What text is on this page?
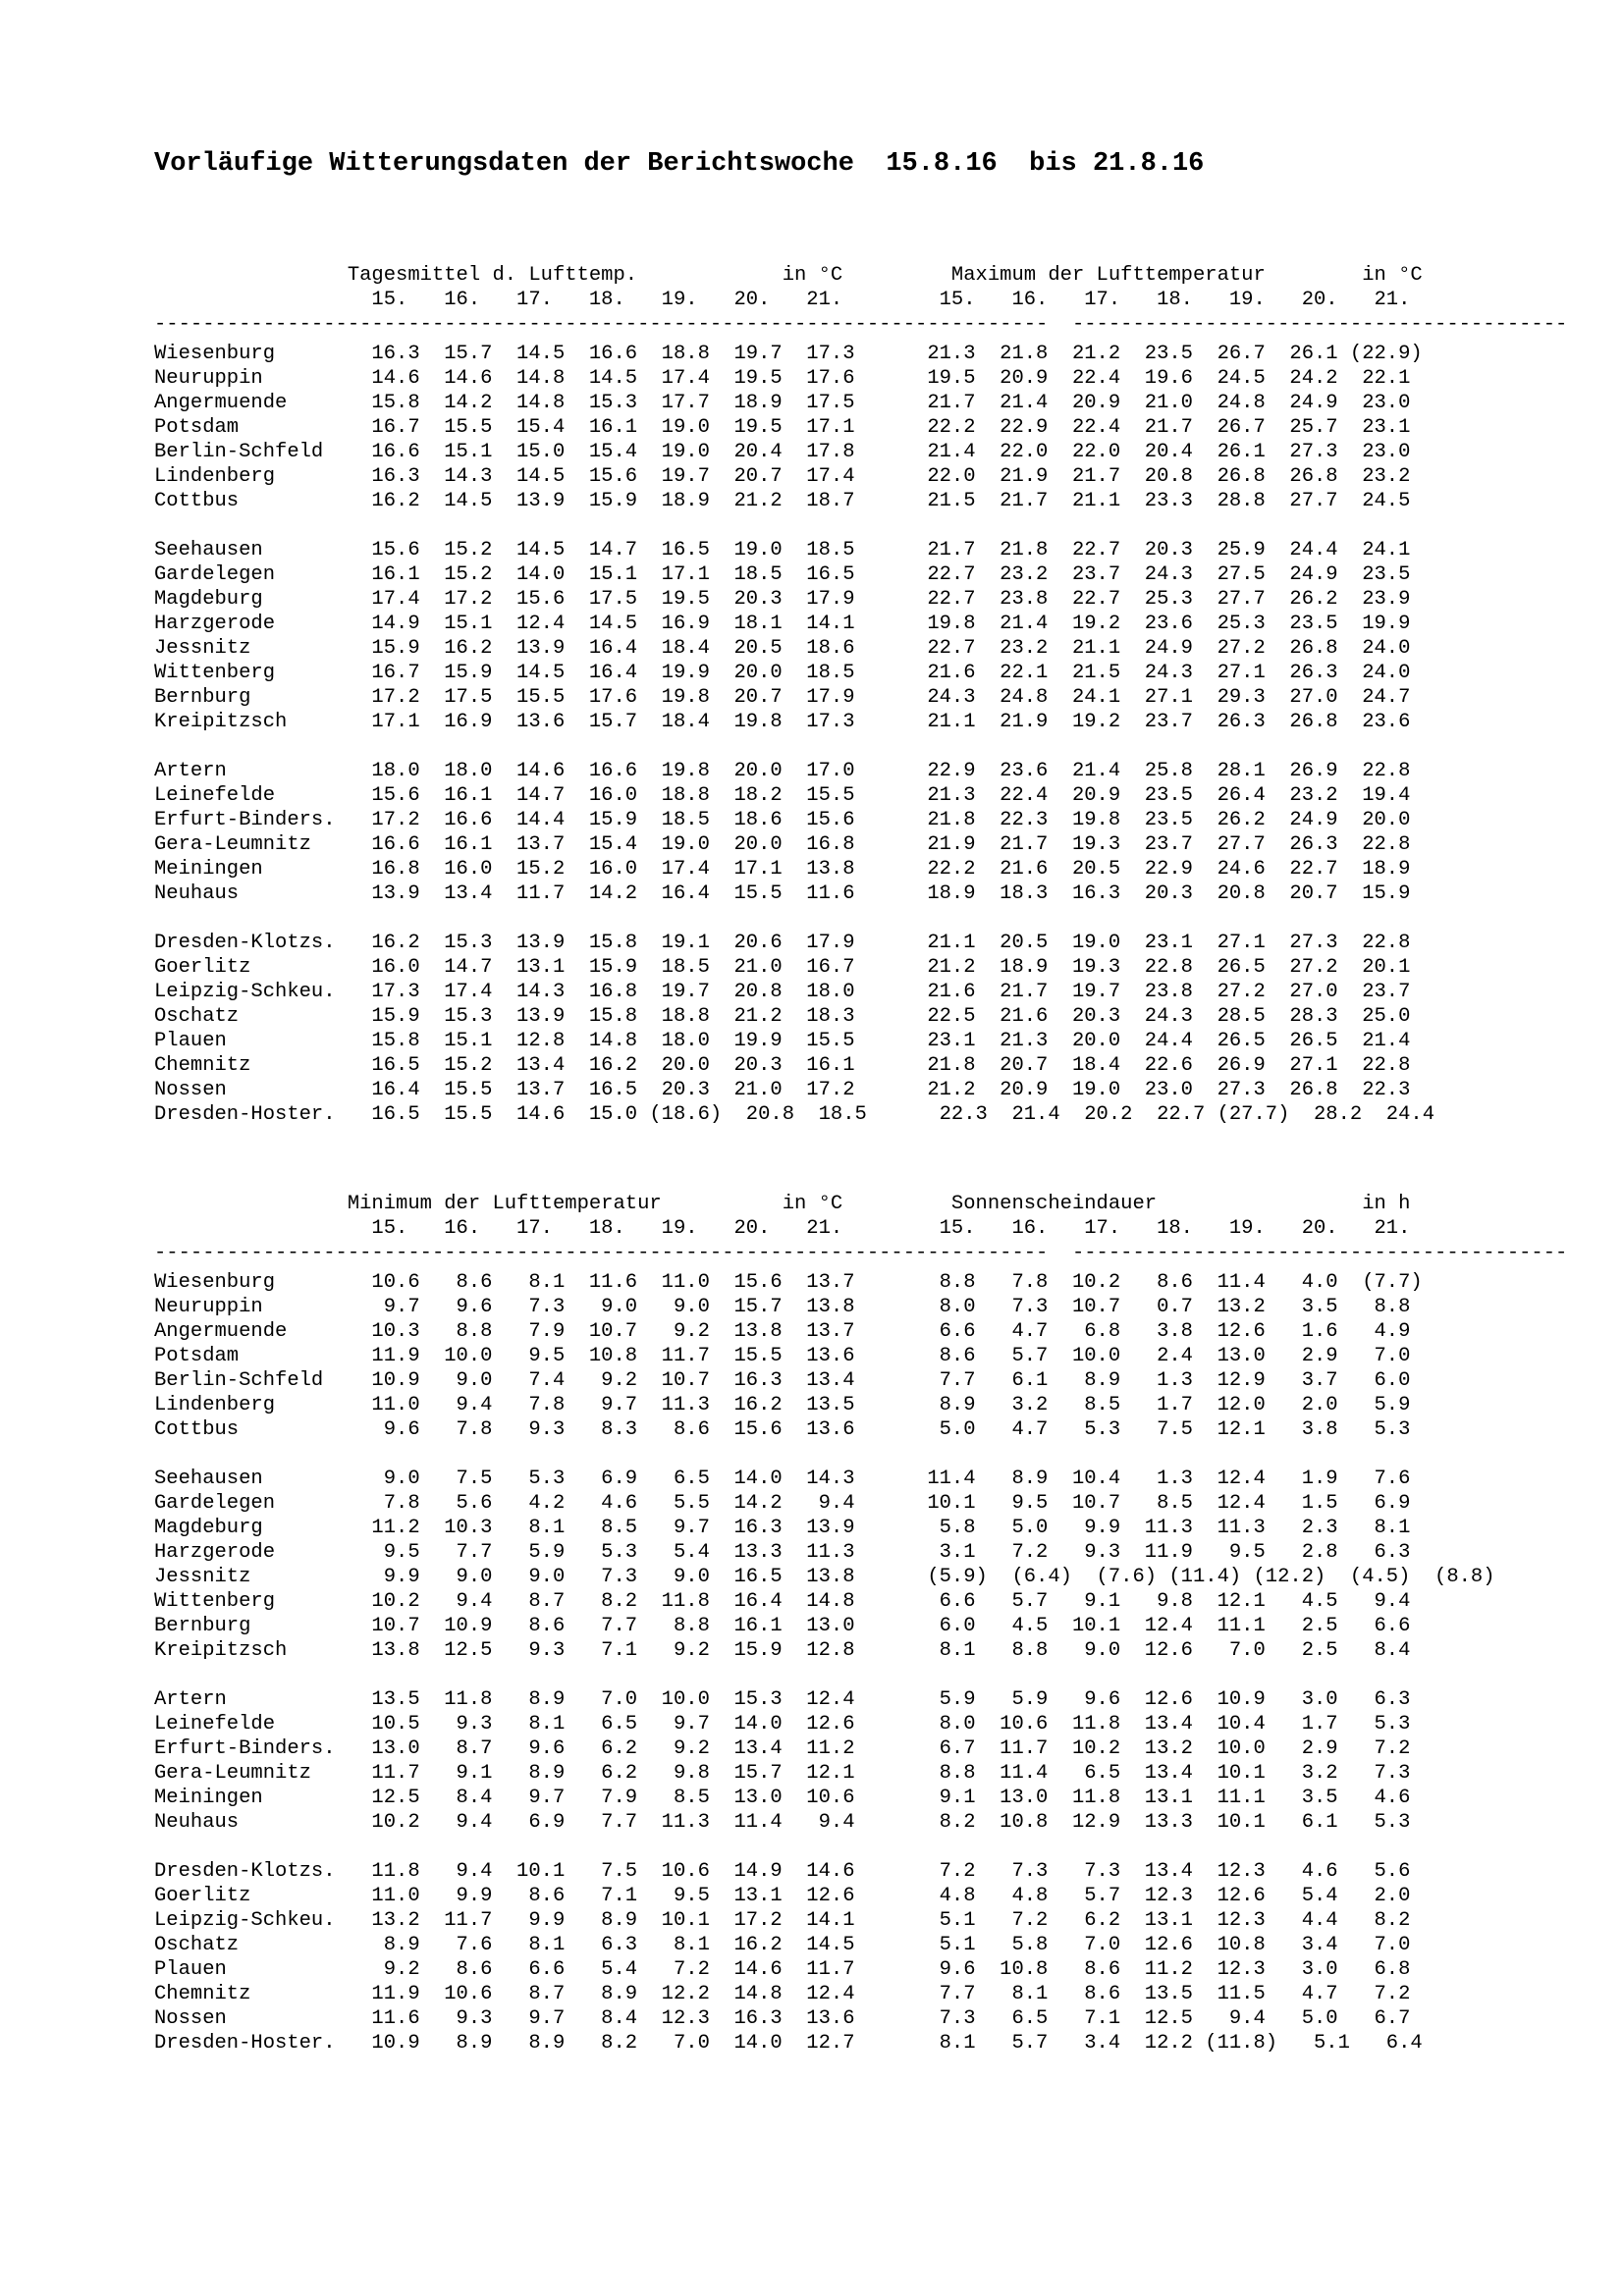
Vorläufige Witterungsdaten der Berichtswoche  15.8.16  bis 21.8.16
Tagesmittel d. Lufttemp.            in °C         Maximum der Lufttemperatur        in °C
15.   16.   17.   18.   19.   20.   21.        15.   16.   17.   18.   19.   20.   21.
--------------------------------------------------------------------------  -----------------------------------------
Wiesenburg        16.3  15.7  14.5  16.6  18.8  19.7  17.3      21.3  21.8  21.2  23.5  26.7  26.1 (22.9)
Neuruppin         14.6  14.6  14.8  14.5  17.4  19.5  17.6      19.5  20.9  22.4  19.6  24.5  24.2  22.1
Angermuende       15.8  14.2  14.8  15.3  17.7  18.9  17.5      21.7  21.4  20.9  21.0  24.8  24.9  23.0
Potsdam           16.7  15.5  15.4  16.1  19.0  19.5  17.1      22.2  22.9  22.4  21.7  26.7  25.7  23.1
Berlin-Schfeld    16.6  15.1  15.0  15.4  19.0  20.4  17.8      21.4  22.0  22.0  20.4  26.1  27.3  23.0
Lindenberg        16.3  14.3  14.5  15.6  19.7  20.7  17.4      22.0  21.9  21.7  20.8  26.8  26.8  23.2
Cottbus           16.2  14.5  13.9  15.9  18.9  21.2  18.7      21.5  21.7  21.1  23.3  28.8  27.7  24.5
Seehausen         15.6  15.2  14.5  14.7  16.5  19.0  18.5      21.7  21.8  22.7  20.3  25.9  24.4  24.1
Gardelegen        16.1  15.2  14.0  15.1  17.1  18.5  16.5      22.7  23.2  23.7  24.3  27.5  24.9  23.5
Magdeburg         17.4  17.2  15.6  17.5  19.5  20.3  17.9      22.7  23.8  22.7  25.3  27.7  26.2  23.9
Harzgerode        14.9  15.1  12.4  14.5  16.9  18.1  14.1      19.8  21.4  19.2  23.6  25.3  23.5  19.9
Jessnitz          15.9  16.2  13.9  16.4  18.4  20.5  18.6      22.7  23.2  21.1  24.9  27.2  26.8  24.0
Wittenberg        16.7  15.9  14.5  16.4  19.9  20.0  18.5      21.6  22.1  21.5  24.3  27.1  26.3  24.0
Bernburg          17.2  17.5  15.5  17.6  19.8  20.7  17.9      24.3  24.8  24.1  27.1  29.3  27.0  24.7
Kreipitzsch       17.1  16.9  13.6  15.7  18.4  19.8  17.3      21.1  21.9  19.2  23.7  26.3  26.8  23.6
Artern            18.0  18.0  14.6  16.6  19.8  20.0  17.0      22.9  23.6  21.4  25.8  28.1  26.9  22.8
Leinefelde        15.6  16.1  14.7  16.0  18.8  18.2  15.5      21.3  22.4  20.9  23.5  26.4  23.2  19.4
Erfurt-Binders.   17.2  16.6  14.4  15.9  18.5  18.6  15.6      21.8  22.3  19.8  23.5  26.2  24.9  20.0
Gera-Leumnitz     16.6  16.1  13.7  15.4  19.0  20.0  16.8      21.9  21.7  19.3  23.7  27.7  26.3  22.8
Meiningen         16.8  16.0  15.2  16.0  17.4  17.1  13.8      22.2  21.6  20.5  22.9  24.6  22.7  18.9
Neuhaus           13.9  13.4  11.7  14.2  16.4  15.5  11.6      18.9  18.3  16.3  20.3  20.8  20.7  15.9
Dresden-Klotzs.   16.2  15.3  13.9  15.8  19.1  20.6  17.9      21.1  20.5  19.0  23.1  27.1  27.3  22.8
Goerlitz          16.0  14.7  13.1  15.9  18.5  21.0  16.7      21.2  18.9  19.3  22.8  26.5  27.2  20.1
Leipzig-Schkeu.   17.3  17.4  14.3  16.8  19.7  20.8  18.0      21.6  21.7  19.7  23.8  27.2  27.0  23.7
Oschatz           15.9  15.3  13.9  15.8  18.8  21.2  18.3      22.5  21.6  20.3  24.3  28.5  28.3  25.0
Plauen            15.8  15.1  12.8  14.8  18.0  19.9  15.5      23.1  21.3  20.0  24.4  26.5  26.5  21.4
Chemnitz          16.5  15.2  13.4  16.2  20.0  20.3  16.1      21.8  20.7  18.4  22.6  26.9  27.1  22.8
Nossen            16.4  15.5  13.7  16.5  20.3  21.0  17.2      21.2  20.9  19.0  23.0  27.3  26.8  22.3
Dresden-Hoster.   16.5  15.5  14.6  15.0 (18.6)  20.8  18.5      22.3  21.4  20.2  22.7 (27.7)  28.2  24.4
Minimum der Lufttemperatur          in °C         Sonnenscheindauer                 in h
15.   16.   17.   18.   19.   20.   21.        15.   16.   17.   18.   19.   20.   21.
--------------------------------------------------------------------------  -----------------------------------------
Wiesenburg        10.6   8.6   8.1  11.6  11.0  15.6  13.7       8.8   7.8  10.2   8.6  11.4   4.0  (7.7)
Neuruppin          9.7   9.6   7.3   9.0   9.0  15.7  13.8       8.0   7.3  10.7   0.7  13.2   3.5   8.8
Angermuende       10.3   8.8   7.9  10.7   9.2  13.8  13.7       6.6   4.7   6.8   3.8  12.6   1.6   4.9
Potsdam           11.9  10.0   9.5  10.8  11.7  15.5  13.6       8.6   5.7  10.0   2.4  13.0   2.9   7.0
Berlin-Schfeld    10.9   9.0   7.4   9.2  10.7  16.3  13.4       7.7   6.1   8.9   1.3  12.9   3.7   6.0
Lindenberg        11.0   9.4   7.8   9.7  11.3  16.2  13.5       8.9   3.2   8.5   1.7  12.0   2.0   5.9
Cottbus            9.6   7.8   9.3   8.3   8.6  15.6  13.6       5.0   4.7   5.3   7.5  12.1   3.8   5.3
Seehausen          9.0   7.5   5.3   6.9   6.5  14.0  14.3      11.4   8.9  10.4   1.3  12.4   1.9   7.6
Gardelegen         7.8   5.6   4.2   4.6   5.5  14.2   9.4      10.1   9.5  10.7   8.5  12.4   1.5   6.9
Magdeburg         11.2  10.3   8.1   8.5   9.7  16.3  13.9       5.8   5.0   9.9  11.3  11.3   2.3   8.1
Harzgerode         9.5   7.7   5.9   5.3   5.4  13.3  11.3       3.1   7.2   9.3  11.9   9.5   2.8   6.3
Jessnitz           9.9   9.0   9.0   7.3   9.0  16.5  13.8      (5.9)  (6.4)  (7.6) (11.4) (12.2)  (4.5)  (8.8)
Wittenberg        10.2   9.4   8.7   8.2  11.8  16.4  14.8       6.6   5.7   9.1   9.8  12.1   4.5   9.4
Bernburg          10.7  10.9   8.6   7.7   8.8  16.1  13.0       6.0   4.5  10.1  12.4  11.1   2.5   6.6
Kreipitzsch       13.8  12.5   9.3   7.1   9.2  15.9  12.8       8.1   8.8   9.0  12.6   7.0   2.5   8.4
Artern            13.5  11.8   8.9   7.0  10.0  15.3  12.4       5.9   5.9   9.6  12.6  10.9   3.0   6.3
Leinefelde        10.5   9.3   8.1   6.5   9.7  14.0  12.6       8.0  10.6  11.8  13.4  10.4   1.7   5.3
Erfurt-Binders.   13.0   8.7   9.6   6.2   9.2  13.4  11.2       6.7  11.7  10.2  13.2  10.0   2.9   7.2
Gera-Leumnitz     11.7   9.1   8.9   6.2   9.8  15.7  12.1       8.8  11.4   6.5  13.4  10.1   3.2   7.3
Meiningen         12.5   8.4   9.7   7.9   8.5  13.0  10.6       9.1  13.0  11.8  13.1  11.1   3.5   4.6
Neuhaus           10.2   9.4   6.9   7.7  11.3  11.4   9.4       8.2  10.8  12.9  13.3  10.1   6.1   5.3
Dresden-Klotzs.   11.8   9.4  10.1   7.5  10.6  14.9  14.6       7.2   7.3   7.3  13.4  12.3   4.6   5.6
Goerlitz          11.0   9.9   8.6   7.1   9.5  13.1  12.6       4.8   4.8   5.7  12.3  12.6   5.4   2.0
Leipzig-Schkeu.   13.2  11.7   9.9   8.9  10.1  17.2  14.1       5.1   7.2   6.2  13.1  12.3   4.4   8.2
Oschatz            8.9   7.6   8.1   6.3   8.1  16.2  14.5       5.1   5.8   7.0  12.6  10.8   3.4   7.0
Plauen             9.2   8.6   6.6   5.4   7.2  14.6  11.7       9.6  10.8   8.6  11.2  12.3   3.0   6.8
Chemnitz          11.9  10.6   8.7   8.9  12.2  14.8  12.4       7.7   8.1   8.6  13.5  11.5   4.7   7.2
Nossen            11.6   9.3   9.7   8.4  12.3  16.3  13.6       7.3   6.5   7.1  12.5   9.4   5.0   6.7
Dresden-Hoster.   10.9   8.9   8.9   8.2   7.0  14.0  12.7       8.1   5.7   3.4  12.2 (11.8)   5.1   6.4
